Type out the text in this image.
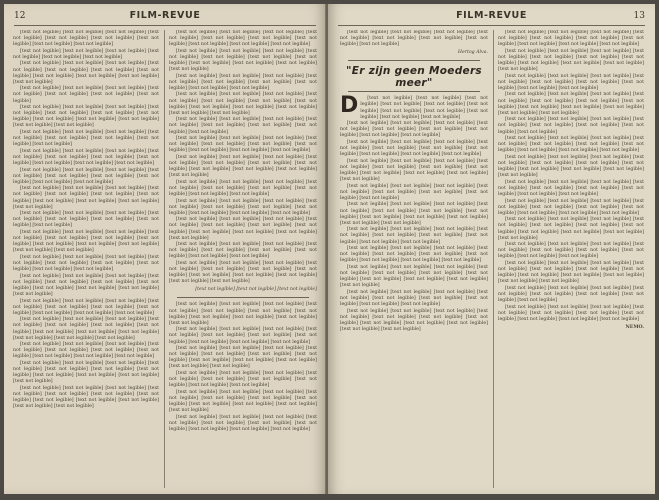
12	FILM-REVUE

[text not legible] [text not legible] [text not legible] [text not legible] [text not legible] [text not legible] [text not legible] [text not legible] [text not legible]

[text not legible] [text not legible] [text not legible] [text not legible] [text not legible] [text not legible]

[text not legible] [text not legible] [text not legible] [text not legible] [text not legible] [text not legible] [text not legible] [text not legible] [text not legible] [text not legible] [text not legible]

[text not legible] [text not legible] [text not legible] [text not legible] [text not legible] [text not legible] [text not legible]

[text not legible] [text not legible] [text not legible] [text not legible] [text not legible] [text not legible] [text not legible] [text not legible] [text not legible] [text not legible] [text not legible] [text not legible]

[text not legible] [text not legible] [text not legible] [text not legible] [text not legible] [text not legible] [text not legible] [text not legible]

[text not legible] [text not legible] [text not legible] [text not legible] [text not legible] [text not legible] [text not legible] [text not legible] [text not legible] [text not legible]

[text not legible] [text not legible] [text not legible] [text not legible] [text not legible] [text not legible] [text not legible] [text not legible] [text not legible]

[text not legible] [text not legible] [text not legible] [text not legible] [text not legible] [text not legible] [text not legible] [text not legible] [text not legible] [text not legible] [text not legible]

[text not legible] [text not legible] [text not legible] [text not legible] [text not legible] [text not legible] [text not legible] [text not legible]

[text not legible] [text not legible] [text not legible] [text not legible] [text not legible] [text not legible] [text not legible] [text not legible] [text not legible] [text not legible] [text not legible] [text not legible]

[text not legible] [text not legible] [text not legible] [text not legible] [text not legible] [text not legible] [text not legible] [text not legible] [text not legible]

[text not legible] [text not legible] [text not legible] [text not legible] [text not legible] [text not legible] [text not legible] [text not legible] [text not legible] [text not legible] [text not legible]

[text not legible] [text not legible] [text not legible] [text not legible] [text not legible] [text not legible] [text not legible] [text not legible] [text not legible] [text not legible]

[text not legible] [text not legible] [text not legible] [text not legible] [text not legible] [text not legible] [text not legible] [text not legible] [text not legible] [text not legible] [text not legible] [text not legible] [text not legible]

[text not legible] [text not legible] [text not legible] [text not legible] [text not legible] [text not legible] [text not legible] [text not legible] [text not legible] [text not legible]

[text not legible] [text not legible] [text not legible] [text not legible] [text not legible] [text not legible] [text not legible] [text not legible] [text not legible] [text not legible] [text not legible]

[text not legible] [text not legible] [text not legible] [text not legible] [text not legible] [text not legible] [text not legible] [text not legible] [text not legible] [text not legible] [text not legible] [text not legible]

[text not legible] [text not legible] [text not legible] [text not legible] [text not legible] [text not legible] [text not legible] [text not legible] [text not legible] [text not legible]

[text not legible] [text not legible] [text not legible] [text not legible] [text not legible] [text not legible] [text not legible] [text not legible] [text not legible] [text not legible] [text not legible]

[text not legible] [text not legible] [text not legible] [text not legible] [text not legible] [text not legible] [text not legible] [text not legible] [text not legible]

[text not legible] [text not legible] [text not legible] [text not legible] [text not legible] [text not legible] [text not legible] [text not legible] [text not legible] [text not legible] [text not legible] [text not legible]

[text not legible] [text not legible] [text not legible] [text not legible] [text not legible] [text not legible] [text not legible] [text not legible]

[text not legible] [text not legible] [text not legible] [text not legible] [text not legible] [text not legible] [text not legible] [text not legible] [text not legible] [text not legible]

[text not legible] [text not legible] [text not legible] [text not legible] [text not legible] [text not legible] [text not legible] [text not legible] [text not legible] [text not legible] [text not legible]

[text not legible] [text not legible] [text not legible] [text not legible] [text not legible] [text not legible] [text not legible] [text not legible] [text not legible]

[text not legible] [text not legible] [text not legible] [text not legible] [text not legible] [text not legible] [text not legible] [text not legible] [text not legible] [text not legible]

[text not legible] [text not legible] [text not legible] [text not legible] [text not legible] [text not legible] [text not legible] [text not legible] [text not legible] [text not legible] [text not legible]

[text not legible] [text not legible] [text not legible] [text not legible] [text not legible] [text not legible] [text not legible] [text not legible] [text not legible]

[text not legible] [text not legible] [text not legible] [text not legible] [text not legible] [text not legible] [text not legible] [text not legible] [text not legible] [text not legible] [text not legible] [text not legible]

[text not legible] [text not legible] [text not legible]

[text not legible] [text not legible] [text not legible] [text not legible] [text not legible] [text not legible] [text not legible] [text not legible] [text not legible] [text not legible] [text not legible]

[text not legible] [text not legible] [text not legible] [text not legible] [text not legible] [text not legible] [text not legible] [text not legible] [text not legible] [text not legible]

[text not legible] [text not legible] [text not legible] [text not legible] [text not legible] [text not legible] [text not legible] [text not legible] [text not legible] [text not legible] [text not legible] [text not legible]

[text not legible] [text not legible] [text not legible] [text not legible] [text not legible] [text not legible] [text not legible] [text not legible] [text not legible]

[text not legible] [text not legible] [text not legible] [text not legible] [text not legible] [text not legible] [text not legible] [text not legible] [text not legible] [text not legible] [text not legible]

[text not legible] [text not legible] [text not legible] [text not legible] [text not legible] [text not legible] [text not legible] [text not legible] [text not legible] [text not legible]

FILM-REVUE	13

[text not legible] [text not legible] [text not legible] [text not legible] [text not legible] [text not legible] [text not legible] [text not legible]

Hertog Alva.

"Er zijn geen Moeders meer"
D	[text not legible] [text not legible] [text not legible] [text not legible] [text not legible] [text not legible] [text not legible] [text not legible] [text not legible] [text not legible] [text not legible]

[text not legible] [text not legible] [text not legible] [text not legible] [text not legible] [text not legible] [text not legible] [text not legible] [text not legible]

[text not legible] [text not legible] [text not legible] [text not legible] [text not legible] [text not legible] [text not legible] [text not legible] [text not legible] [text not legible]

[text not legible] [text not legible] [text not legible] [text not legible] [text not legible] [text not legible] [text not legible] [text not legible] [text not legible] [text not legible] [text not legible]

[text not legible] [text not legible] [text not legible] [text not legible] [text not legible] [text not legible] [text not legible] [text not legible]

[text not legible] [text not legible] [text not legible] [text not legible] [text not legible] [text not legible] [text not legible] [text not legible] [text not legible] [text not legible] [text not legible] [text not legible]

[text not legible] [text not legible] [text not legible] [text not legible] [text not legible] [text not legible] [text not legible] [text not legible] [text not legible]

[text not legible] [text not legible] [text not legible] [text not legible] [text not legible] [text not legible] [text not legible] [text not legible] [text not legible] [text not legible]

[text not legible] [text not legible] [text not legible] [text not legible] [text not legible] [text not legible] [text not legible] [text not legible] [text not legible] [text not legible] [text not legible]

[text not legible] [text not legible] [text not legible] [text not legible] [text not legible] [text not legible] [text not legible] [text not legible] [text not legible]

[text not legible] [text not legible] [text not legible] [text not legible] [text not legible] [text not legible] [text not legible] [text not legible] [text not legible] [text not legible] [text not legible] [text not legible]

[text not legible] [text not legible] [text not legible] [text not legible] [text not legible] [text not legible] [text not legible] [text not legible] [text not legible] [text not legible]

[text not legible] [text not legible] [text not legible] [text not legible] [text not legible] [text not legible] [text not legible] [text not legible] [text not legible] [text not legible] [text not legible]

[text not legible] [text not legible] [text not legible] [text not legible] [text not legible] [text not legible] [text not legible] [text not legible] [text not legible]

[text not legible] [text not legible] [text not legible] [text not legible] [text not legible] [text not legible] [text not legible] [text not legible] [text not legible] [text not legible] [text not legible] [text not legible]

[text not legible] [text not legible] [text not legible] [text not legible] [text not legible] [text not legible] [text not legible] [text not legible]

[text not legible] [text not legible] [text not legible] [text not legible] [text not legible] [text not legible] [text not legible] [text not legible] [text not legible] [text not legible]

[text not legible] [text not legible] [text not legible] [text not legible] [text not legible] [text not legible] [text not legible] [text not legible] [text not legible] [text not legible] [text not legible]

[text not legible] [text not legible] [text not legible] [text not legible] [text not legible] [text not legible] [text not legible] [text not legible] [text not legible]

[text not legible] [text not legible] [text not legible] [text not legible] [text not legible] [text not legible] [text not legible] [text not legible] [text not legible] [text not legible]

[text not legible] [text not legible] [text not legible] [text not legible] [text not legible] [text not legible] [text not legible] [text not legible] [text not legible] [text not legible] [text not legible]

[text not legible] [text not legible] [text not legible] [text not legible] [text not legible] [text not legible] [text not legible] [text not legible] [text not legible]

[text not legible] [text not legible] [text not legible] [text not legible] [text not legible] [text not legible] [text not legible] [text not legible] [text not legible] [text not legible] [text not legible] [text not legible]

[text not legible] [text not legible] [text not legible] [text not legible] [text not legible] [text not legible] [text not legible] [text not legible]

[text not legible] [text not legible] [text not legible] [text not legible] [text not legible] [text not legible] [text not legible] [text not legible] [text not legible] [text not legible]

NEMO.
